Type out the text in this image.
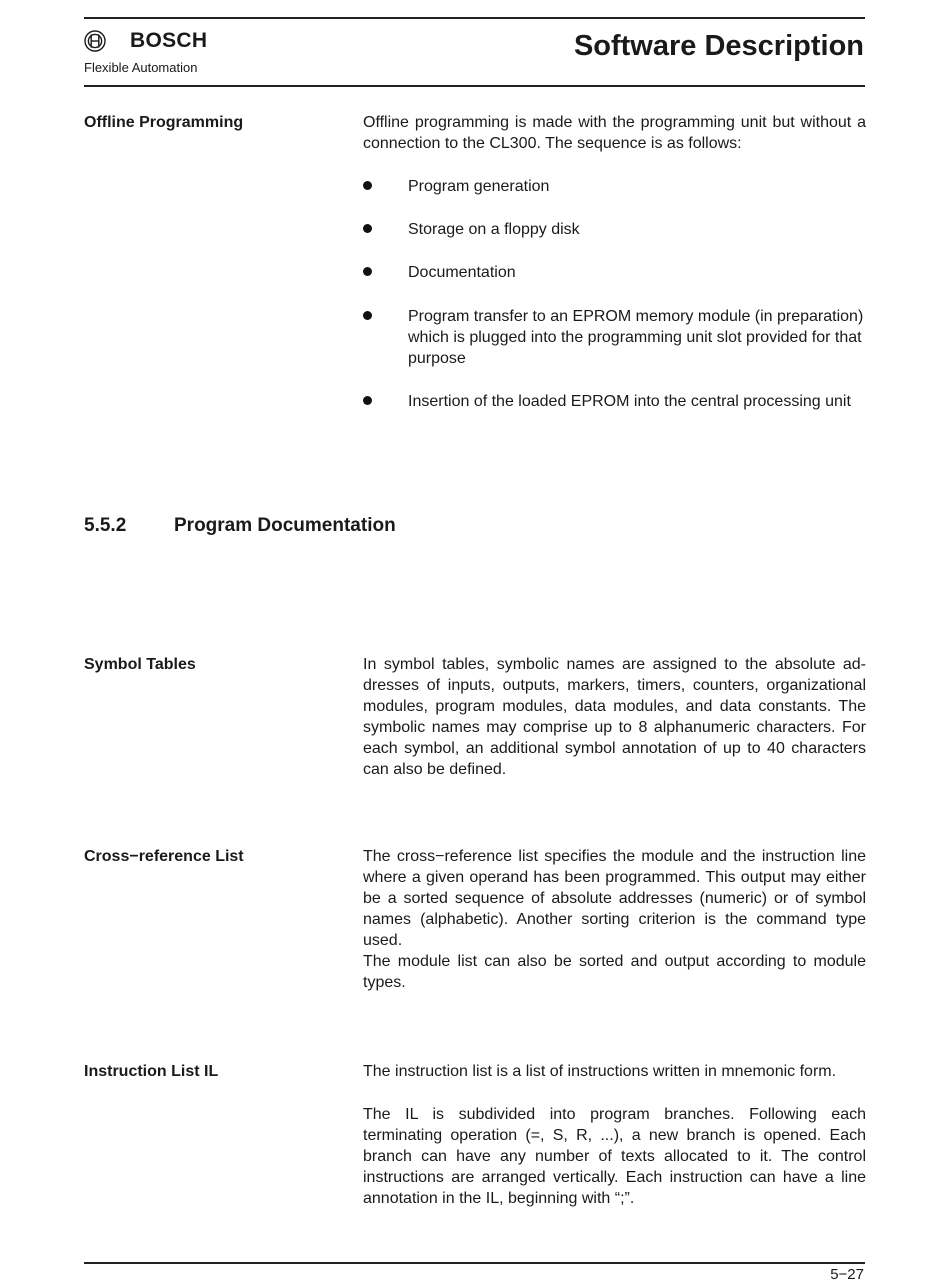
BOSCH
Flexible Automation
Software Description
Offline Programming	Offline programming is made with the programming unit but without a connection to the CL300. The sequence is as follows:

Program generation

Storage on a floppy disk

Documentation

Program transfer to an EPROM memory module (in preparation) which is plugged into the programming unit slot provided for that purpose

Insertion of the loaded EPROM into the central processing unit

5.5.2	Program Documentation
Symbol Tables	In symbol tables, symbolic names are assigned to the absolute ad-dresses of inputs, outputs, markers, timers, counters, organizational modules, program modules, data modules, and data constants. The symbolic names may comprise up to 8 alphanumeric characters. For each symbol, an additional symbol annotation of up to 40 characters can also be defined.

Cross−reference List	The cross−reference list specifies the module and the instruction line where a given operand has been programmed. This output may either be a sorted sequence of absolute addresses (numeric) or of symbol names (alphabetic). Another sorting criterion is the command type used.

The module list can also be sorted and output according to module types.

Instruction List IL	The instruction list is a list of instructions written in mnemonic form.

The IL is subdivided into program branches. Following each terminating operation (=, S, R, ...), a new branch is opened. Each branch can have any number of texts allocated to it. The control instructions are arranged vertically. Each instruction can have a line annotation in the IL, beginning with “;”.

5−27
